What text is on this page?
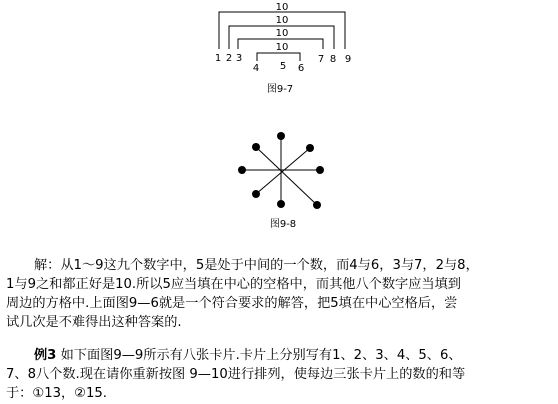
10
10
10
10
1 2 3
4 5 6
7 8 9
图9-7
图9-8
解：从1～9这九个数字中，5是处于中间的一个数，而4与6，3与7，2与8，
1与9之和都正好是10.所以5应当填在中心的空格中，而其他八个数字应当填到
周边的方格中.上面图9—6就是一个符合要求的解答，把5填在中心空格后，尝
试几次是不难得出这种答案的.
例3 如下面图9—9所示有八张卡片.卡片上分别写有1、2、3、4、5、6、
7、8八个数.现在请你重新按图 9—10进行排列，使每边三张卡片上的数的和等
于：①13，②15.
